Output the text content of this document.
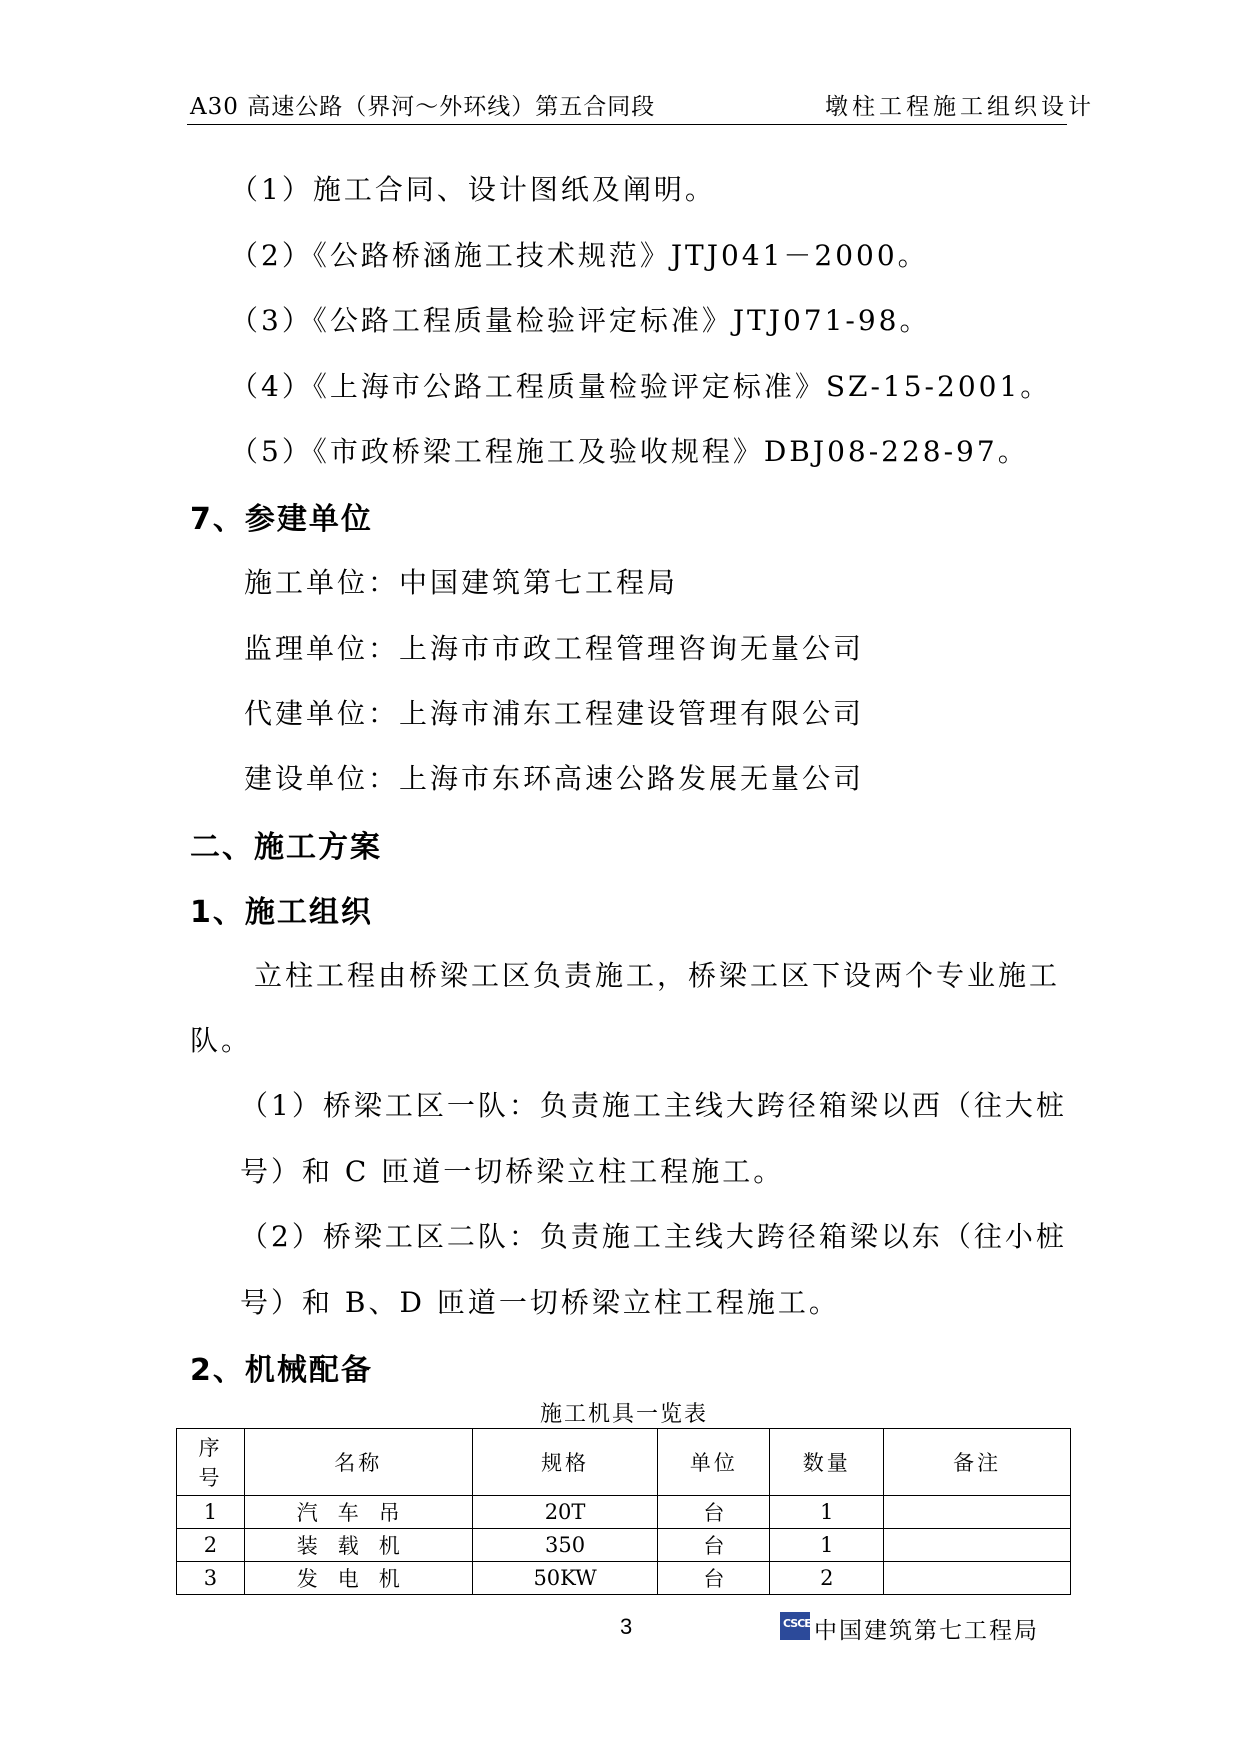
A30 高速公路（界河～外环线）第五合同段	墩柱工程施工组织设计
（1）施工合同、设计图纸及阐明。
（2）《公路桥涵施工技术规范》JTJ041－2000。
（3）《公路工程质量检验评定标准》JTJ071-98。
（4）《上海市公路工程质量检验评定标准》SZ-15-2001。
（5）《市政桥梁工程施工及验收规程》DBJ08-228-97。
7、参建单位
施工单位：中国建筑第七工程局
监理单位：上海市市政工程管理咨询无量公司
代建单位：上海市浦东工程建设管理有限公司
建设单位：上海市东环高速公路发展无量公司
二、施工方案
1、施工组织
立柱工程由桥梁工区负责施工，桥梁工区下设两个专业施工
队。
（1）桥梁工区一队：负责施工主线大跨径箱梁以西（往大桩
号）和 C 匝道一切桥梁立柱工程施工。
（2）桥梁工区二队：负责施工主线大跨径箱梁以东（往小桩
号）和 B、D 匝道一切桥梁立柱工程施工。
2、机械配备
施工机具一览表
序
号	名称	规格	单位	数量	备注
1	汽车吊	20T	台	1	
2	装载机	350	台	1	
3	发电机	50KW	台	2	
3	CSCEC
中国建筑第七工程局
